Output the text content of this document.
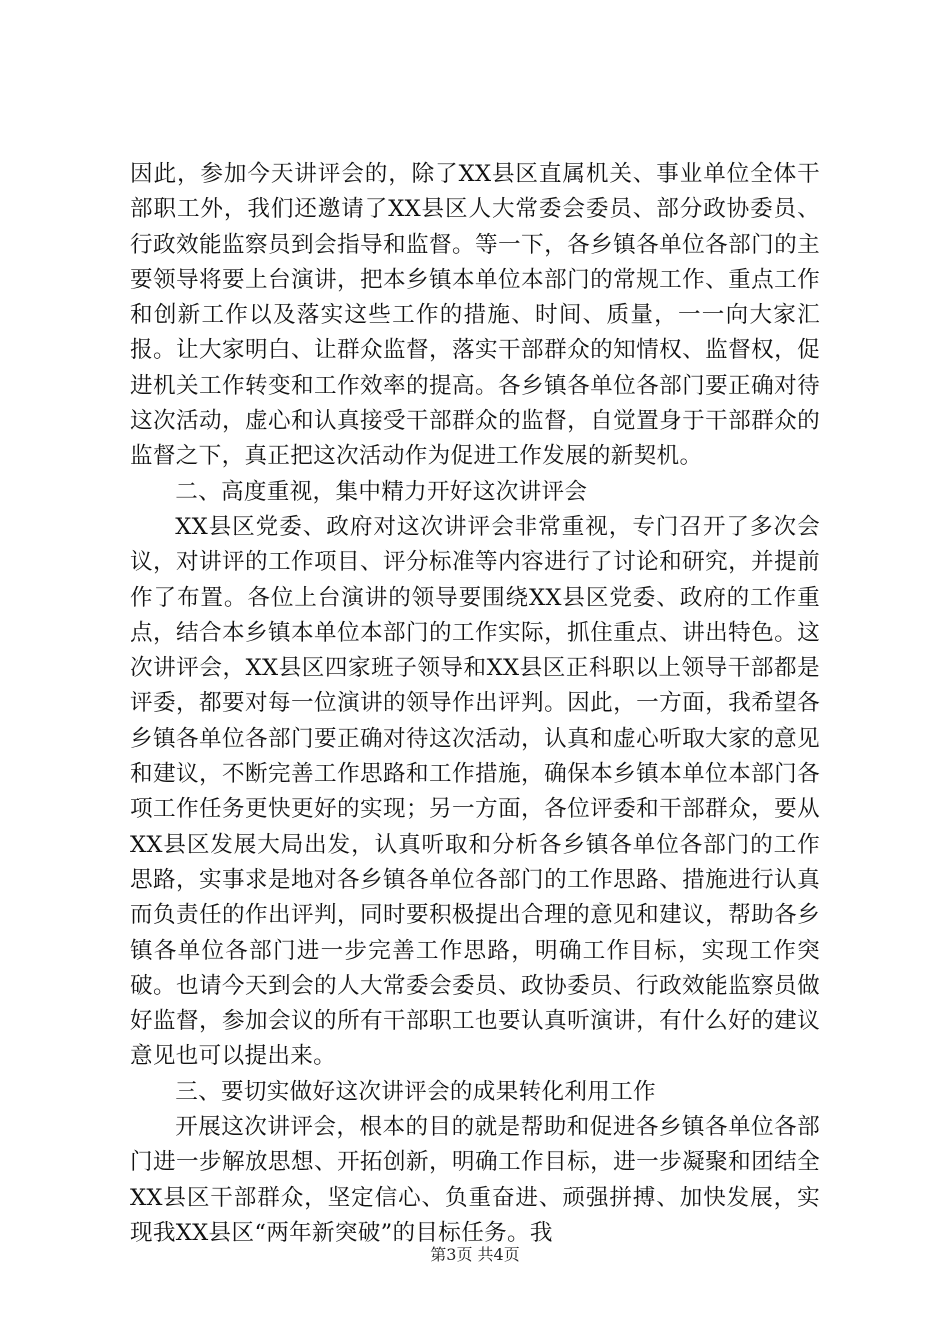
因此，参加今天讲评会的，除了XX县区直属机关、事业单位全体干部职工外，我们还邀请了XX县区人大常委会委员、部分政协委员、行政效能监察员到会指导和监督。等一下，各乡镇各单位各部门的主要领导将要上台演讲，把本乡镇本单位本部门的常规工作、重点工作和创新工作以及落实这些工作的措施、时间、质量，一一向大家汇报。让大家明白、让群众监督，落实干部群众的知情权、监督权，促进机关工作转变和工作效率的提高。各乡镇各单位各部门要正确对待这次活动，虚心和认真接受干部群众的监督，自觉置身于干部群众的监督之下，真正把这次活动作为促进工作发展的新契机。

二、高度重视，集中精力开好这次讲评会

XX县区党委、政府对这次讲评会非常重视，专门召开了多次会议，对讲评的工作项目、评分标准等内容进行了讨论和研究，并提前作了布置。各位上台演讲的领导要围绕XX县区党委、政府的工作重点，结合本乡镇本单位本部门的工作实际，抓住重点、讲出特色。这次讲评会，XX县区四家班子领导和XX县区正科职以上领导干部都是评委，都要对每一位演讲的领导作出评判。因此，一方面，我希望各乡镇各单位各部门要正确对待这次活动，认真和虚心听取大家的意见和建议，不断完善工作思路和工作措施，确保本乡镇本单位本部门各项工作任务更快更好的实现；另一方面，各位评委和干部群众，要从XX县区发展大局出发，认真听取和分析各乡镇各单位各部门的工作思路，实事求是地对各乡镇各单位各部门的工作思路、措施进行认真而负责任的作出评判，同时要积极提出合理的意见和建议，帮助各乡镇各单位各部门进一步完善工作思路，明确工作目标，实现工作突破。也请今天到会的人大常委会委员、政协委员、行政效能监察员做好监督，参加会议的所有干部职工也要认真听演讲，有什么好的建议意见也可以提出来。

三、要切实做好这次讲评会的成果转化利用工作

开展这次讲评会，根本的目的就是帮助和促进各乡镇各单位各部门进一步解放思想、开拓创新，明确工作目标，进一步凝聚和团结全XX县区干部群众，坚定信心、负重奋进、顽强拼搏、加快发展，实现我XX县区“两年新突破”的目标任务。我

第3页 共4页
